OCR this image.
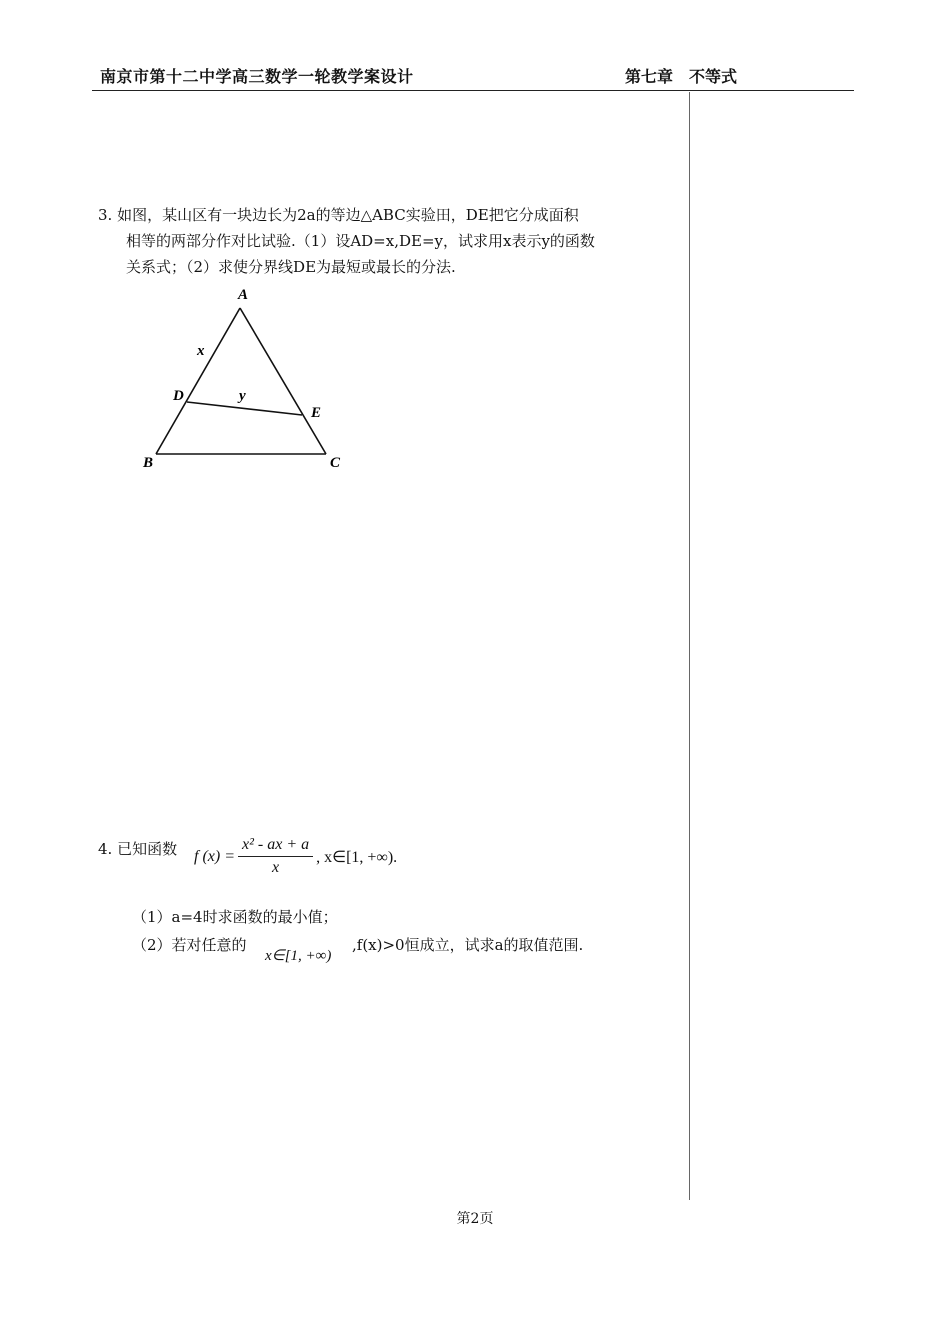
南京市第十二中学高三数学一轮教学案设计	第七章　不等式
3. 如图，某山区有一块边长为2a的等边△ABC实验田，DE把它分成面积
相等的两部分作对比试验.（1）设AD=x,DE=y，试求用x表示y的函数
关系式；（2）求使分界线DE为最短或最长的分法.
A
B	C
D
E
x
y
4. 已知函数 f $(x) = \frac{\text{x² - ax + a}}{x}$ , x∈[1, +∞).
（1）a=4时求函数的最小值；
（2）若对任意的
x∈[1, +∞)
,f(x)>0恒成立，试求a的取值范围.
第2页
